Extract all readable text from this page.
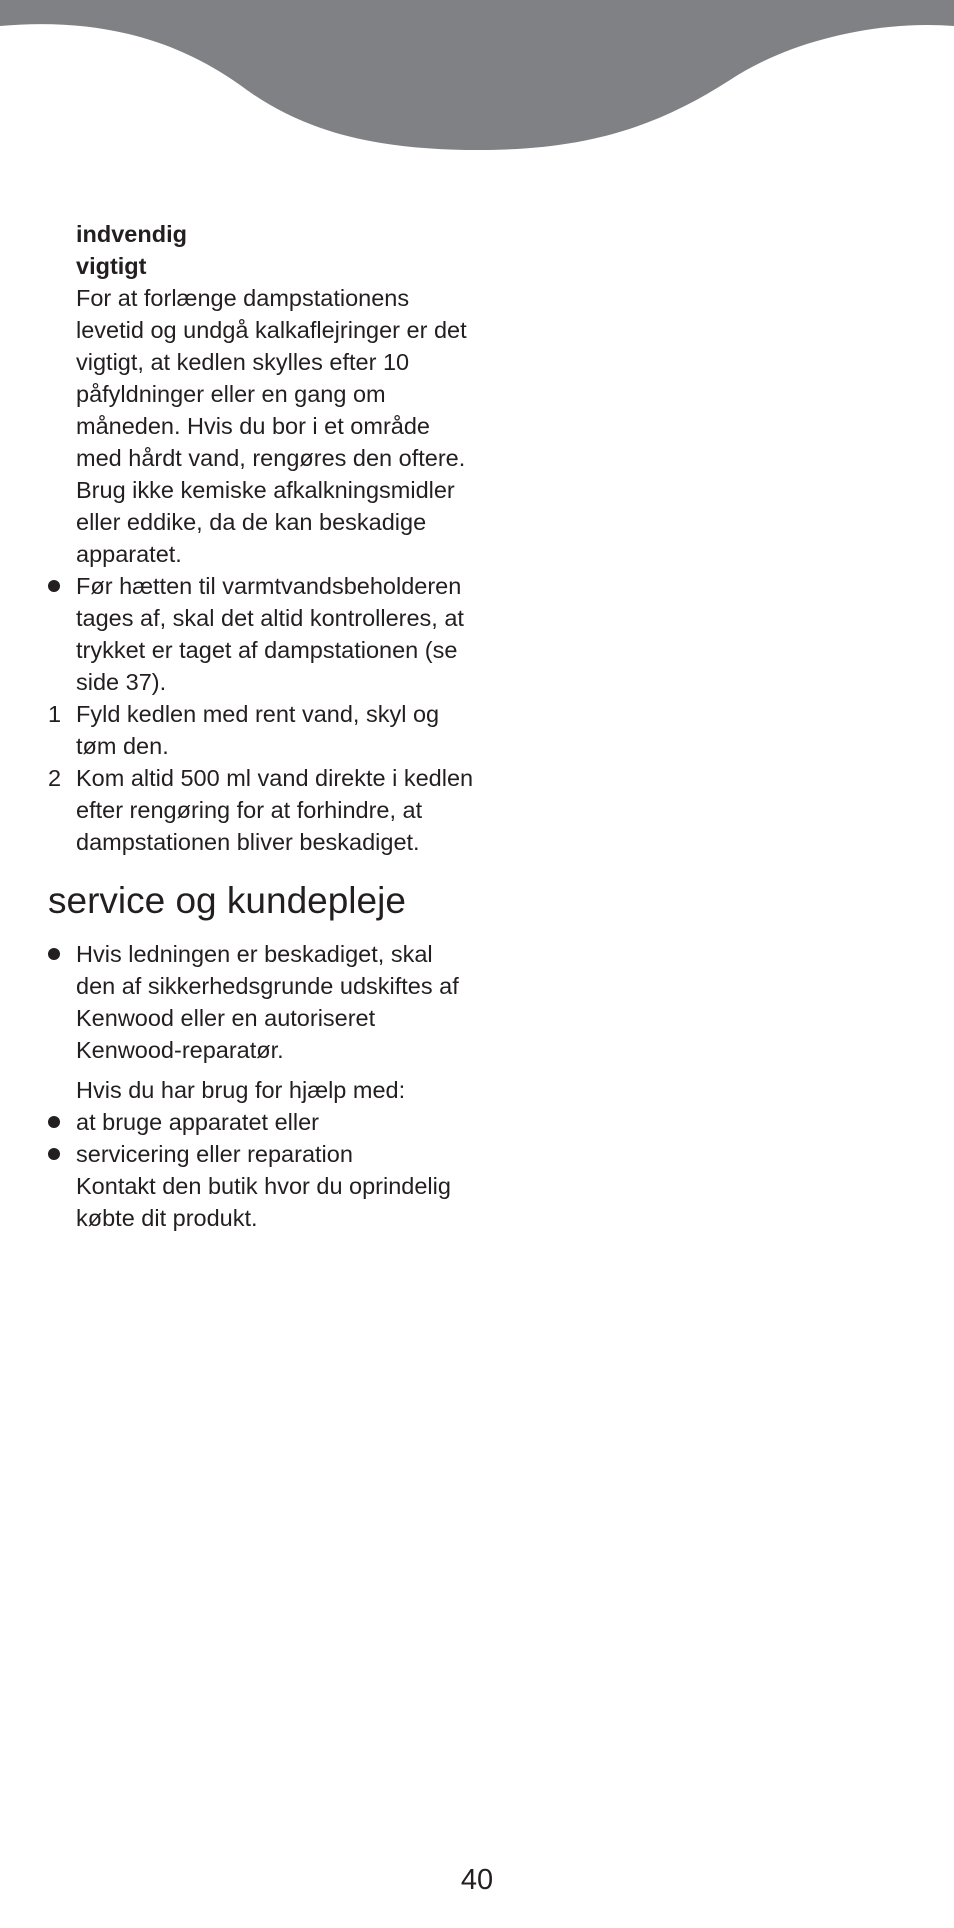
indvendig
vigtigt
For at forlænge dampstationens levetid og undgå kalkaflejringer er det vigtigt, at kedlen skylles efter 10 påfyldninger eller en gang om måneden. Hvis du bor i et område med hårdt vand, rengøres den oftere. Brug ikke kemiske afkalkningsmidler eller eddike, da de kan beskadige apparatet.
Før hætten til varmtvandsbeholderen tages af, skal det altid kontrolleres, at trykket er taget af dampstationen (se side 37).
1 Fyld kedlen med rent vand, skyl og tøm den.
2 Kom altid 500 ml vand direkte i kedlen efter rengøring for at forhindre, at dampstationen bliver beskadiget.
service og kundepleje
Hvis ledningen er beskadiget, skal den af sikkerhedsgrunde udskiftes af Kenwood eller en autoriseret Kenwood-reparatør.
Hvis du har brug for hjælp med:
at bruge apparatet eller
servicering eller reparation
Kontakt den butik hvor du oprindelig købte dit produkt.
40
